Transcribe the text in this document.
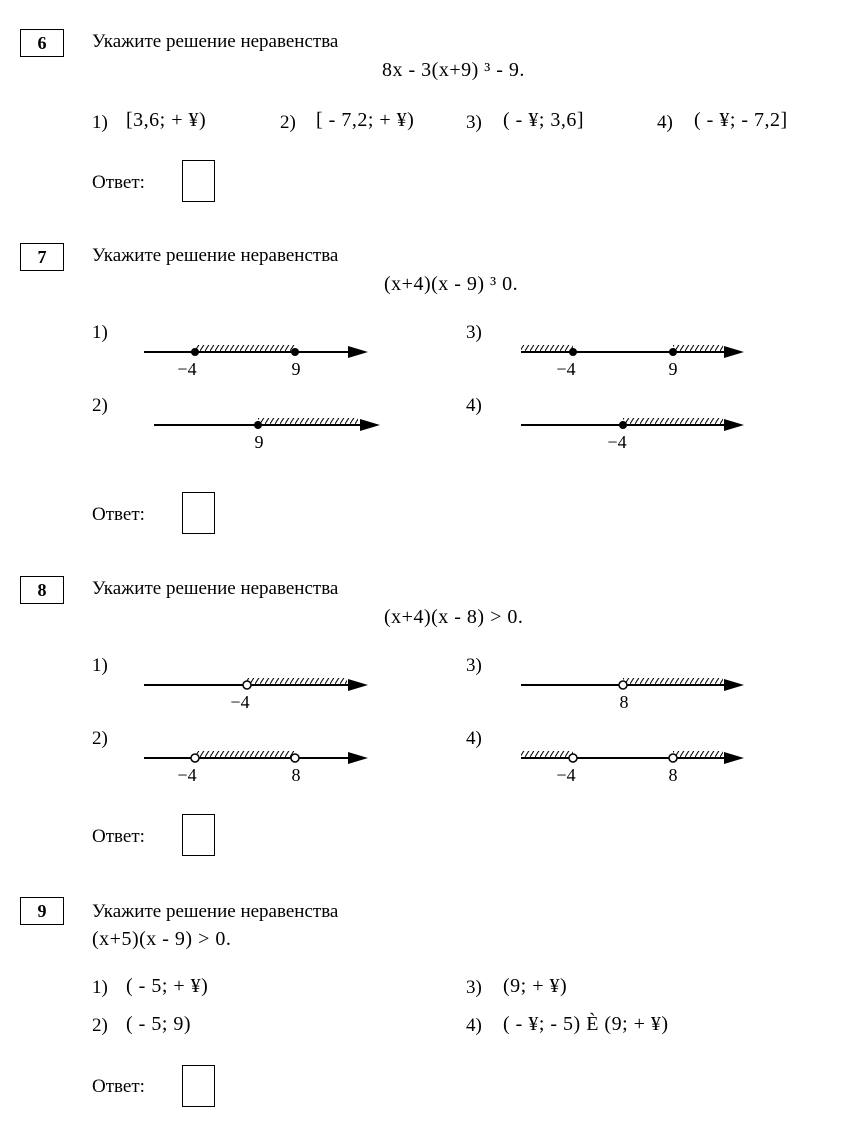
6	Укажите решение неравенства
8x - 3(x+9) ³ - 9.
1) [3,6; + ¥)	2) [ - 7,2; + ¥)	3) ( - ¥; 3,6]	4) ( - ¥; - 7,2]
Ответ:
7	Укажите решение неравенства
(x+4)(x - 9) ³ 0.
1)
−4	9
3)
−4	9
2)
9
4)
−4
Ответ:
8	Укажите решение неравенства
(x+4)(x - 8) > 0.
1)
−4
3)
8
2)
−4	8
4)
−4	8
Ответ:
9	Укажите решение неравенства
(x+5)(x - 9) > 0.
1) ( - 5; + ¥)	3) (9; + ¥)
2) ( - 5; 9)	4) ( - ¥; - 5) È (9; + ¥)
Ответ:
